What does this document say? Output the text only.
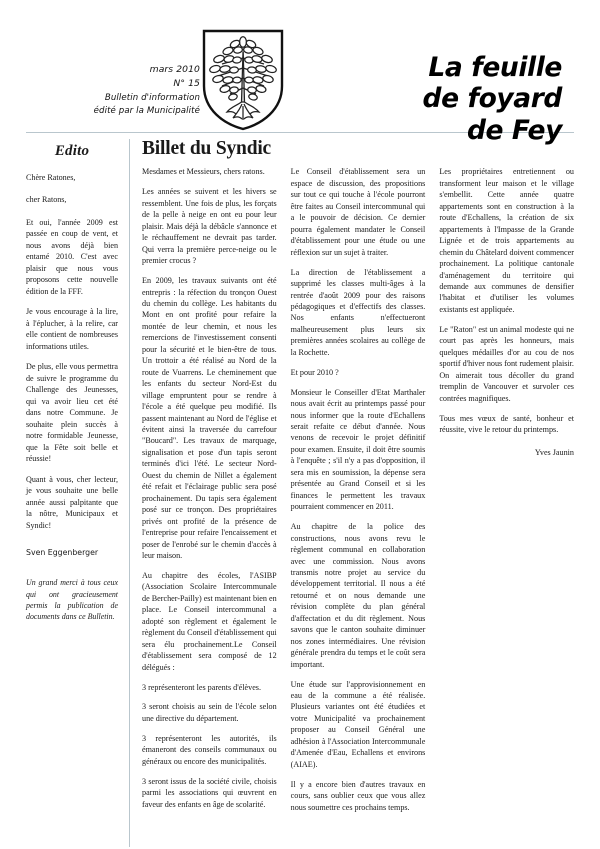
mars 2010
N° 15
Bulletin d'information
édité par la Municipalité
La feuille
de foyard
de Fey
Edito

Chère Ratones,

cher Ratons,

Et oui, l'année 2009 est passée en coup de vent, et nous avons déjà bien entamé 2010. C'est avec plaisir que nous vous proposons cette nouvelle édition de la FFF.

Je vous encourage à la lire, à l'éplucher, à la relire, car elle contient de nombreuses informations utiles.

De plus, elle vous permettra de suivre le programme du Challenge des Jeunesses, qui va avoir lieu cet été dans notre Commune. Je souhaite plein succès à notre formidable Jeunesse, que la Fête soit belle et réussie!

Quant à vous, cher lecteur, je vous souhaite une belle année aussi palpitante que la nôtre, Municipaux et Syndic!

Sven Eggenberger

Un grand merci à tous ceux qui ont gracieusement permis la publication de documents dans ce Bulletin.

Billet du Syndic

Mesdames et Messieurs, chers ratons.

Les années se suivent et les hivers se ressemblent. Une fois de plus, les forçats de la pelle à neige en ont eu pour leur plaisir. Mais déjà la débâcle s'annonce et le réchauffement ne devrait pas tarder. Qui verra la première perce-neige ou le premier crocus ?

En 2009, les travaux suivants ont été entrepris : la réfection du tronçon Ouest du chemin du collège. Les habitants du Mont en ont profité pour refaire la montée de leur chemin, et nous les remercions de l'investissement consenti pour la sécurité et le bien-être de tous. Un trottoir a été réalisé au Nord de la route de Vuarrens. Le cheminement que les enfants du secteur Nord-Est du village empruntent pour se rendre à l'école a été quelque peu modifié. Ils passent maintenant au Nord de l'église et évitent ainsi la traversée du carrefour "Boucard". Les travaux de marquage, signalisation et pose d'un tapis seront terminés d'ici l'été. Le secteur Nord-Ouest du chemin de Nillet a également été refait et l'éclairage public sera posé prochainement. Du tapis sera également posé sur ce tronçon. Des propriétaires privés ont profité de la présence de l'entreprise pour refaire l'encaissement et poser de l'enrobé sur le chemin d'accès à leur maison.

Au chapitre des écoles, l'ASIBP (Association Scolaire Intercommunale de Bercher-Pailly) est maintenant bien en place. Le Conseil intercommunal a adopté son règlement et également le règlement du Conseil d'établissement qui sera élu prochainement.Le Conseil d'établissement sera composé de 12 délégués :

3 représenteront les parents d'élèves.

3 seront choisis au sein de l'école selon une directive du département.

3 représenteront les autorités, ils émaneront des conseils communaux ou généraux ou encore des municipalités.

3 seront issus de la société civile, choisis parmi les associations qui œuvrent en faveur des enfants en âge de scolarité.

Le Conseil d'établissement sera un espace de discussion, des propositions sur tout ce qui touche à l'école pourront être faites au Conseil intercommunal qui a le pouvoir de décision. Ce dernier pourra également mandater le Conseil d'établissement pour une étude ou une réflexion sur un sujet à traiter.

La direction de l'établissement a supprimé les classes multi-âges à la rentrée d'août 2009 pour des raisons pédagogiques et d'effectifs des classes. Nos enfants n'effectueront malheureusement plus leurs six premières années scolaires au collège de la Rochette.

Et pour 2010 ?

Monsieur le Conseiller d'Etat Marthaler nous avait écrit au printemps passé pour nous informer que la route d'Echallens serait refaite ce début d'année. Nous venons de recevoir le projet définitif pour examen. Ensuite, il doit être soumis à l'enquête ; s'il n'y a pas d'opposition, il sera mis en soumission, la dépense sera présentée au Grand Conseil et si les finances le permettent les travaux pourraient commencer en 2011.

Au chapitre de la police des constructions, nous avons revu le règlement communal en collaboration avec une commission. Nous avons transmis notre projet au service du développement territorial. Il nous a été retourné et on nous demande une révision complète du plan général d'affectation et du dit règlement. Nous savons que le canton souhaite diminuer nos zones intermédiaires. Une révision générale prendra du temps et le coût sera important.

Une étude sur l'approvisionnement en eau de la commune a été réalisée. Plusieurs variantes ont été étudiées et votre Municipalité va prochainement proposer au Conseil Général une adhésion à l'Association Intercommunale d'Amenée d'Eau, Echallens et environs (AIAE).

Il y a encore bien d'autres travaux en cours, sans oublier ceux que vous allez nous soumettre ces prochains temps.

Les propriétaires entretiennent ou transforment leur maison et le village s'embellit. Cette année quatre appartements sont en construction à la route d'Echallens, la création de six appartements à l'Impasse de la Grande Lignée et de trois appartements au chemin du Châtelard doivent commencer prochainement. La politique cantonale d'aménagement du territoire qui demande aux communes de densifier l'habitat et d'utiliser les volumes existants est appliquée.

Le "Raton" est un animal modeste qui ne court pas après les honneurs, mais quelques médailles d'or au cou de nos sportif d'hiver nous font rudement plaisir. On aimerait tous décoller du grand tremplin de Vancouver et survoler ces contrées magnifiques.

Tous mes vœux de santé, bonheur et réussite, vive le retour du printemps.

Yves Jaunin
